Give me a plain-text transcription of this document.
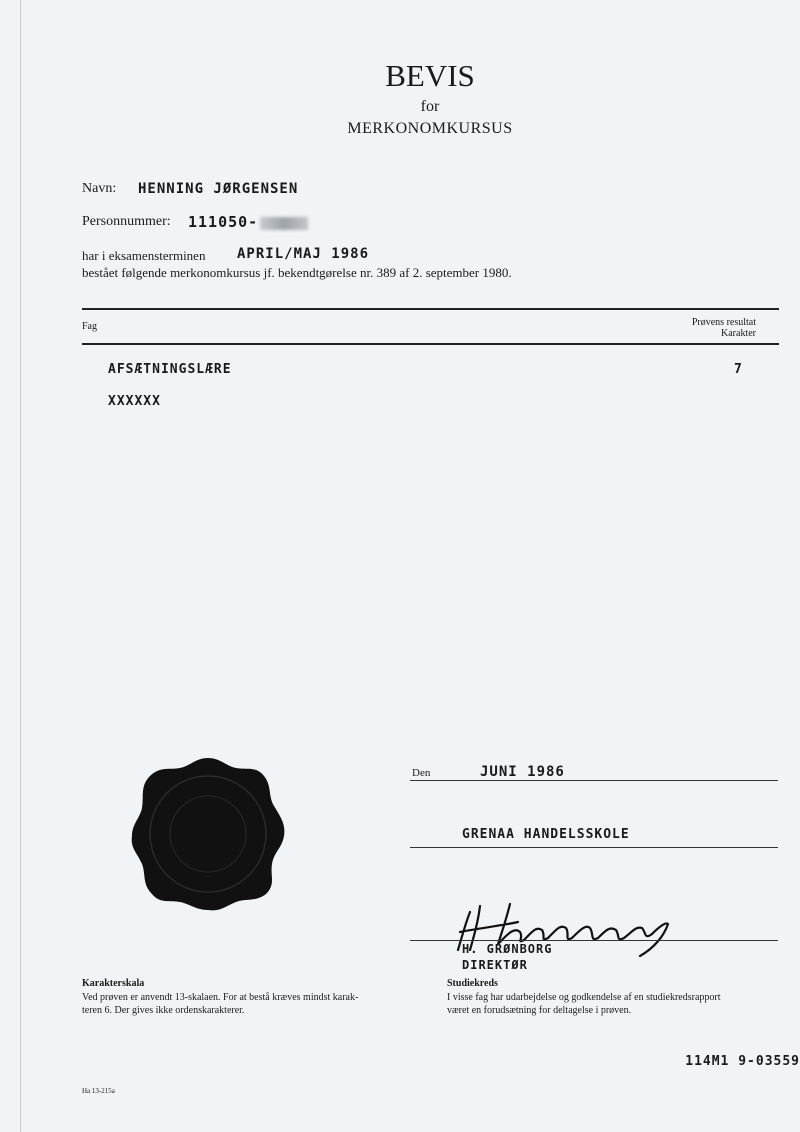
BEVIS
for
MERKONOMKURSUS
Navn: HENNING JØRGENSEN
Personnummer: 111050-
har i eksamensterminen APRIL/MAJ 1986
bestået følgende merkonomkursus jf. bekendtgørelse nr. 389 af 2. september 1980.
Fag	Prøvens resultat
Karakter
AFSÆTNINGSLÆRE	7
XXXXXX
Den	JUNI 1986
GRENAA HANDELSSKOLE
H. GRØNBORG
DIREKTØR
Karakterskala
Ved prøven er anvendt 13-skalaen. For at bestå kræves mindst karak-
teren 6. Der gives ikke ordenskarakterer.
Studiekreds
I visse fag har udarbejdelse og godkendelse af en studiekredsrapport
været en forudsætning for deltagelse i prøven.
114M1 9-03559
Ha 13-215a
